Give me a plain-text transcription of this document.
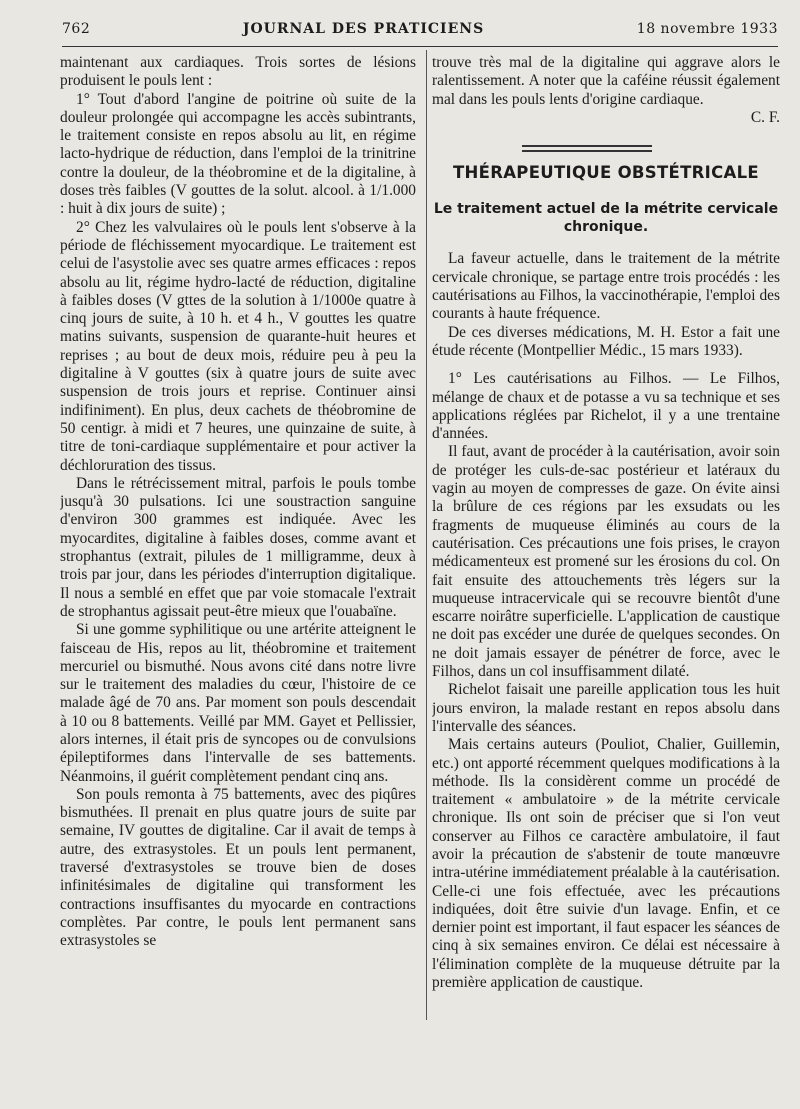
762	JOURNAL DES PRATICIENS	18 novembre 1933

maintenant aux cardiaques. Trois sortes de lésions produisent le pouls lent :

1° Tout d'abord l'angine de poitrine où suite de la douleur prolongée qui accompagne les accès subintrants, le traitement consiste en repos absolu au lit, en régime lacto-hydrique de réduction, dans l'emploi de la trinitrine contre la douleur, de la théobromine et de la digitaline, à doses très faibles (V gouttes de la solut. alcool. à 1/1.000 : huit à dix jours de suite) ;

2° Chez les valvulaires où le pouls lent s'observe à la période de fléchissement myocardique. Le traitement est celui de l'asystolie avec ses quatre armes efficaces : repos absolu au lit, régime hydro-lacté de réduction, digitaline à faibles doses (V gttes de la solution à 1/1000e quatre à cinq jours de suite, à 10 h. et 4 h., V gouttes les quatre matins suivants, suspension de quarante-huit heures et reprises ; au bout de deux mois, réduire peu à peu la digitaline à V gouttes (six à quatre jours de suite avec suspension de trois jours et reprise. Continuer ainsi indifiniment). En plus, deux cachets de théobromine de 50 centigr. à midi et 7 heures, une quinzaine de suite, à titre de toni-cardiaque supplémentaire et pour activer la déchloruration des tissus.

Dans le rétrécissement mitral, parfois le pouls tombe jusqu'à 30 pulsations. Ici une soustraction sanguine d'environ 300 grammes est indiquée. Avec les myocardites, digitaline à faibles doses, comme avant et strophantus (extrait, pilules de 1 milligramme, deux à trois par jour, dans les périodes d'interruption digitalique. Il nous a semblé en effet que par voie stomacale l'extrait de strophantus agissait peut-être mieux que l'ouabaïne.

Si une gomme syphilitique ou une artérite atteignent le faisceau de His, repos au lit, théobromine et traitement mercuriel ou bismuthé. Nous avons cité dans notre livre sur le traitement des maladies du cœur, l'histoire de ce malade âgé de 70 ans. Par moment son pouls descendait à 10 ou 8 battements. Veillé par MM. Gayet et Pellissier, alors internes, il était pris de syncopes ou de convulsions épileptiformes dans l'intervalle de ses battements. Néanmoins, il guérit complètement pendant cinq ans.

Son pouls remonta à 75 battements, avec des piqûres bismuthées. Il prenait en plus quatre jours de suite par semaine, IV gouttes de digitaline. Car il avait de temps à autre, des extrasystoles. Et un pouls lent permanent, traversé d'extrasystoles se trouve bien de doses infinitésimales de digitaline qui transforment les contractions insuffisantes du myocarde en contractions complètes. Par contre, le pouls lent permanent sans extrasystoles se

trouve très mal de la digitaline qui aggrave alors le ralentissement. A noter que la caféine réussit également mal dans les pouls lents d'origine cardiaque.

C. F.
THÉRAPEUTIQUE OBSTÉTRICALE
Le traitement actuel de la métrite cervicale chronique.

La faveur actuelle, dans le traitement de la métrite cervicale chronique, se partage entre trois procédés : les cautérisations au Filhos, la vaccinothérapie, l'emploi des courants à haute fréquence.

De ces diverses médications, M. H. Estor a fait une étude récente (Montpellier Médic., 15 mars 1933).

1° Les cautérisations au Filhos. — Le Filhos, mélange de chaux et de potasse a vu sa technique et ses applications réglées par Richelot, il y a une trentaine d'années.

Il faut, avant de procéder à la cautérisation, avoir soin de protéger les culs-de-sac postérieur et latéraux du vagin au moyen de compresses de gaze. On évite ainsi la brûlure de ces régions par les exsudats ou les fragments de muqueuse éliminés au cours de la cautérisation. Ces précautions une fois prises, le crayon médicamenteux est promené sur les érosions du col. On fait ensuite des attouchements très légers sur la muqueuse intracervicale qui se recouvre bientôt d'une escarre noirâtre superficielle. L'application de caustique ne doit pas excéder une durée de quelques secondes. On ne doit jamais essayer de pénétrer de force, avec le Filhos, dans un col insuffisamment dilaté.

Richelot faisait une pareille application tous les huit jours environ, la malade restant en repos absolu dans l'intervalle des séances.

Mais certains auteurs (Pouliot, Chalier, Guillemin, etc.) ont apporté récemment quelques modifications à la méthode. Ils la considèrent comme un procédé de traitement « ambulatoire » de la métrite cervicale chronique. Ils ont soin de préciser que si l'on veut conserver au Filhos ce caractère ambulatoire, il faut avoir la précaution de s'abstenir de toute manœuvre intra-utérine immédiatement préalable à la cautérisation. Celle-ci une fois effectuée, avec les précautions indiquées, doit être suivie d'un lavage. Enfin, et ce dernier point est important, il faut espacer les séances de cinq à six semaines environ. Ce délai est nécessaire à l'élimination complète de la muqueuse détruite par la première application de caustique.
